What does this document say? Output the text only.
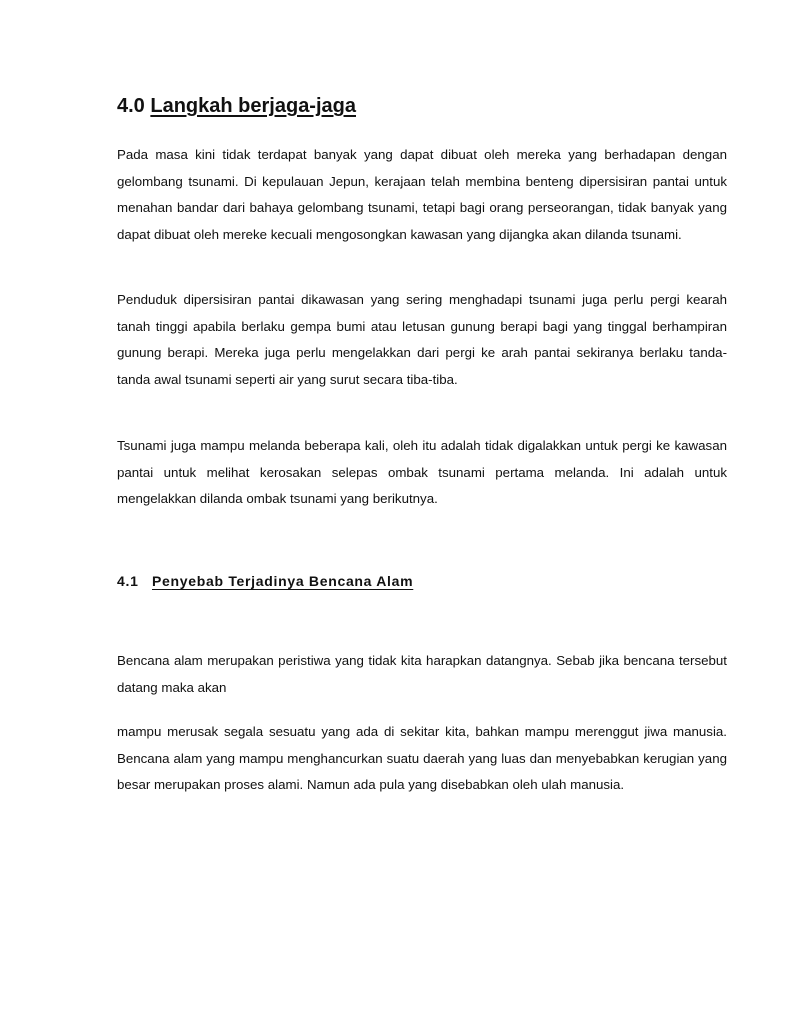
4.0 Langkah berjaga-jaga

Pada masa kini tidak terdapat banyak yang dapat dibuat oleh mereka yang berhadapan dengan gelombang tsunami. Di kepulauan Jepun, kerajaan telah membina benteng dipersisiran pantai untuk menahan bandar dari bahaya gelombang tsunami, tetapi bagi orang perseorangan, tidak banyak yang dapat dibuat oleh mereke kecuali mengosongkan kawasan yang dijangka akan dilanda tsunami.

Penduduk dipersisiran pantai dikawasan yang sering menghadapi tsunami juga perlu pergi kearah tanah tinggi apabila berlaku gempa bumi atau letusan gunung berapi bagi yang tinggal berhampiran gunung berapi. Mereka juga perlu mengelakkan dari pergi ke arah pantai sekiranya berlaku tanda-tanda awal tsunami seperti air yang surut secara tiba-tiba.

Tsunami juga mampu melanda beberapa kali, oleh itu adalah tidak digalakkan untuk pergi ke kawasan pantai untuk melihat kerosakan selepas ombak tsunami pertama melanda. Ini adalah untuk mengelakkan dilanda ombak tsunami yang berikutnya.

4.1 Penyebab Terjadinya Bencana Alam

Bencana alam merupakan peristiwa yang tidak kita harapkan datangnya. Sebab jika bencana tersebut datang maka akan

mampu merusak segala sesuatu yang ada di sekitar kita, bahkan mampu merenggut jiwa manusia. Bencana alam yang mampu menghancurkan suatu daerah yang luas dan menyebabkan kerugian yang besar merupakan proses alami. Namun ada pula yang disebabkan oleh ulah manusia.
